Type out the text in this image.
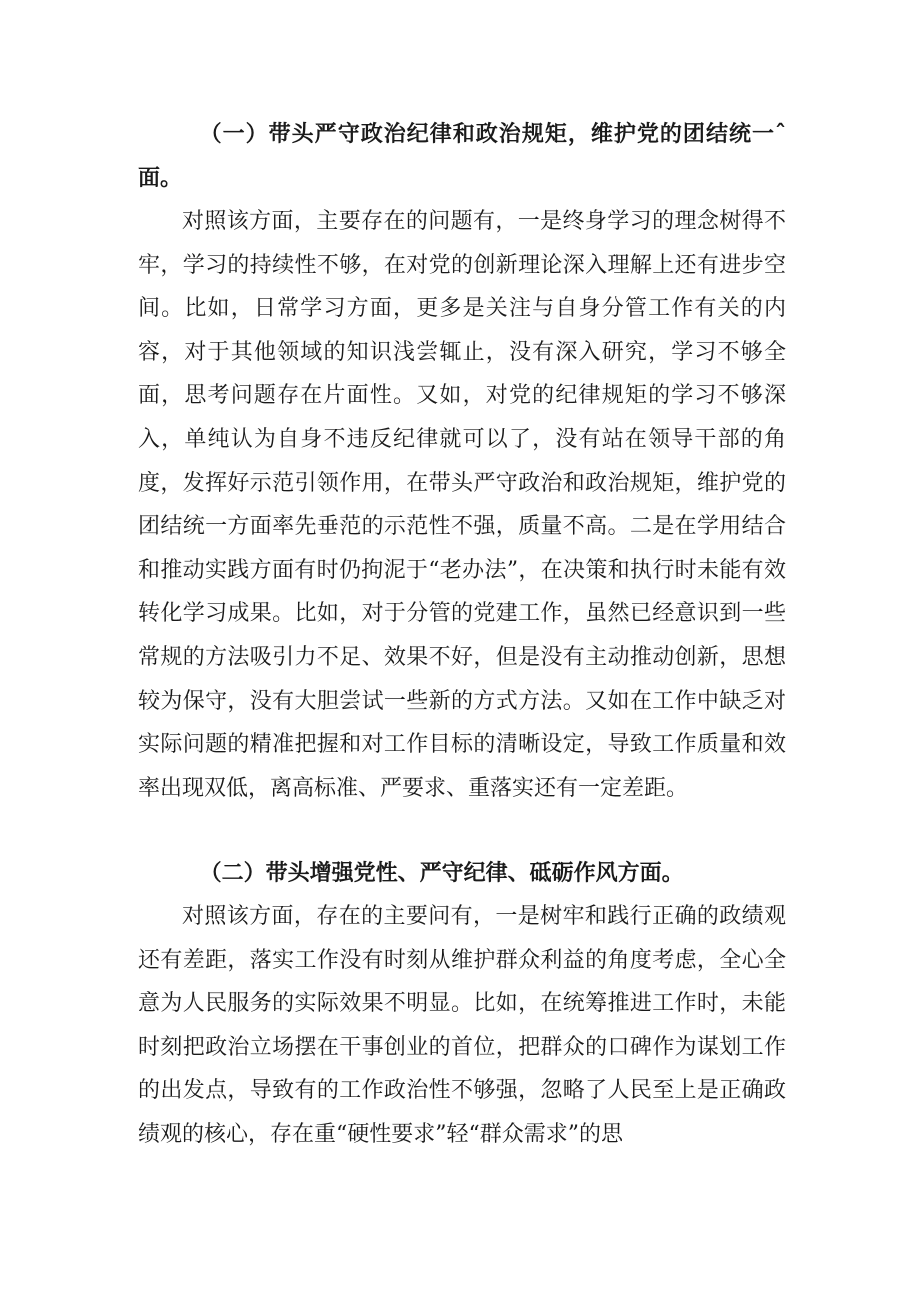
（一）带头严守政治纪律和政治规矩，维护党的团结统一ˆ面。
对照该方面，主要存在的问题有，一是终身学习的理念树得不牢，学习的持续性不够，在对党的创新理论深入理解上还有进步空间。比如，日常学习方面，更多是关注与自身分管工作有关的内容，对于其他领域的知识浅尝辄止，没有深入研究，学习不够全面，思考问题存在片面性。又如，对党的纪律规矩的学习不够深入，单纯认为自身不违反纪律就可以了，没有站在领导干部的角度，发挥好示范引领作用，在带头严守政治和政治规矩，维护党的团结统一方面率先垂范的示范性不强，质量不高。二是在学用结合和推动实践方面有时仍拘泥于“老办法”，在决策和执行时未能有效转化学习成果。比如，对于分管的党建工作，虽然已经意识到一些常规的方法吸引力不足、效果不好，但是没有主动推动创新，思想较为保守，没有大胆尝试一些新的方式方法。又如在工作中缺乏对实际问题的精准把握和对工作目标的清晰设定，导致工作质量和效率出现双低，离高标准、严要求、重落实还有一定差距。
（二）带头增强党性、严守纪律、砥砺作风方面。
对照该方面，存在的主要问有，一是树牢和践行正确的政绩观还有差距，落实工作没有时刻从维护群众利益的角度考虑，全心全意为人民服务的实际效果不明显。比如，在统筹推进工作时，未能时刻把政治立场摆在干事创业的首位，把群众的口碑作为谋划工作的出发点，导致有的工作政治性不够强，忽略了人民至上是正确政绩观的核心，存在重“硬性要求”轻“群众需求”的思
